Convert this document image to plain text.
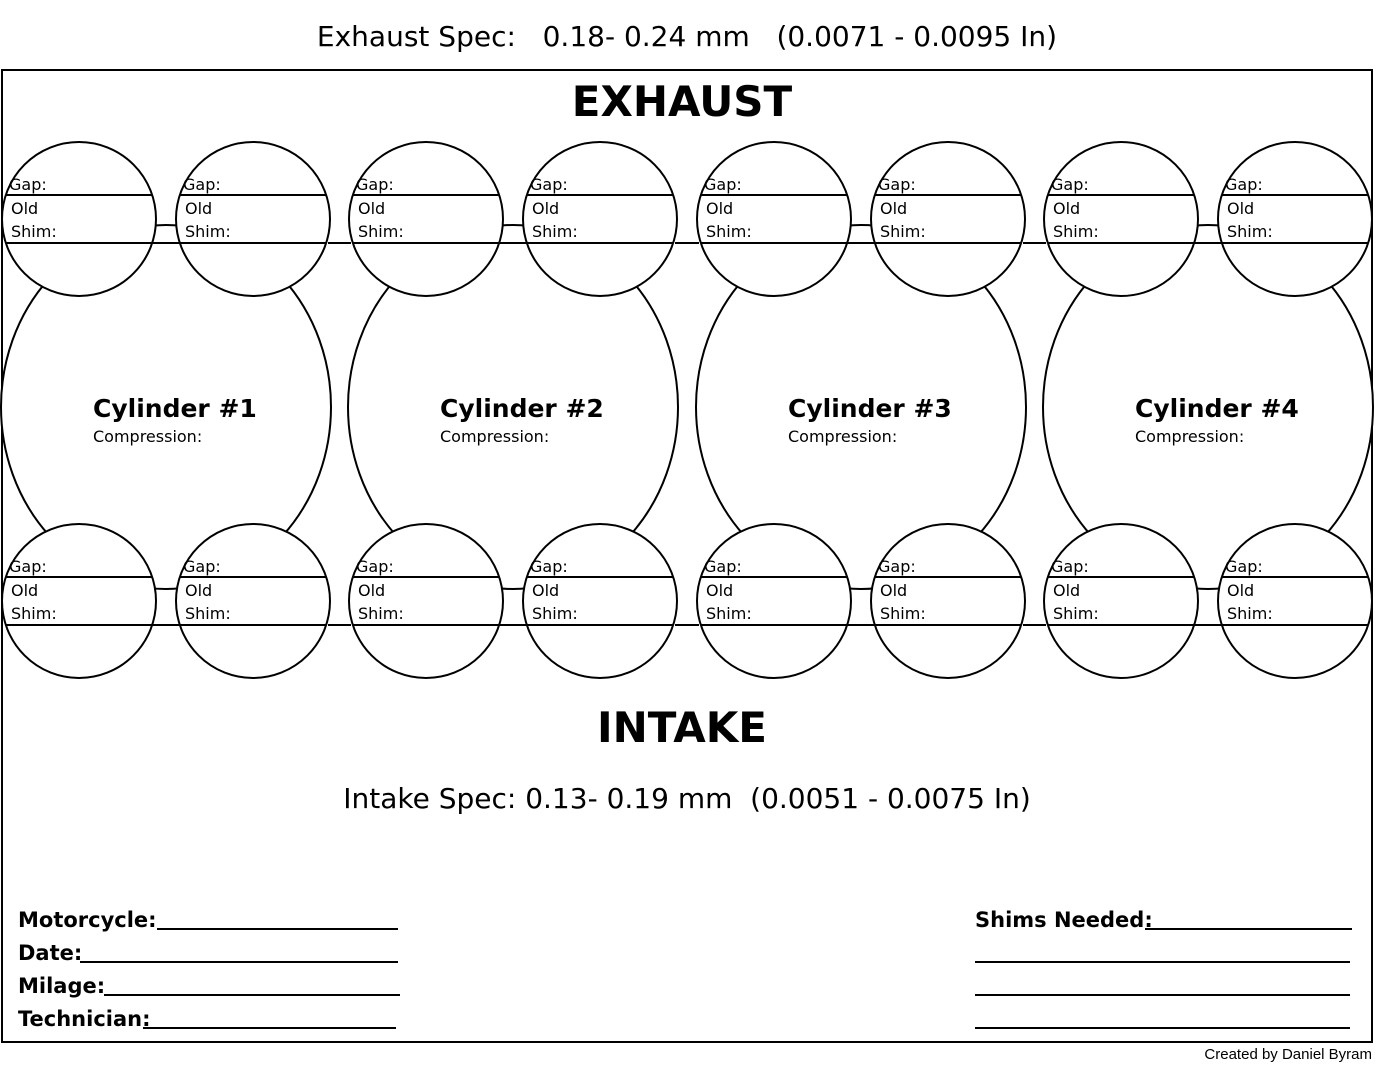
Exhaust Spec:   0.18- 0.24 mm   (0.0071 - 0.0095 In)
EXHAUST
Gap:
Old
Shim:
Gap:
Old
Shim:
Gap:
Old
Shim:
Gap:
Old
Shim:
Cylinder #1
Compression:
Gap:
Old
Shim:
Gap:
Old
Shim:
Gap:
Old
Shim:
Gap:
Old
Shim:
Cylinder #2
Compression:
Gap:
Old
Shim:
Gap:
Old
Shim:
Gap:
Old
Shim:
Gap:
Old
Shim:
Cylinder #3
Compression:
Gap:
Old
Shim:
Gap:
Old
Shim:
Gap:
Old
Shim:
Gap:
Old
Shim:
Cylinder #4
Compression:
INTAKE
Intake Spec: 0.13- 0.19 mm  (0.0051 - 0.0075 In)
Motorcycle:
Date:
Milage:
Technician:
Shims Needed:
Created by Daniel Byram
